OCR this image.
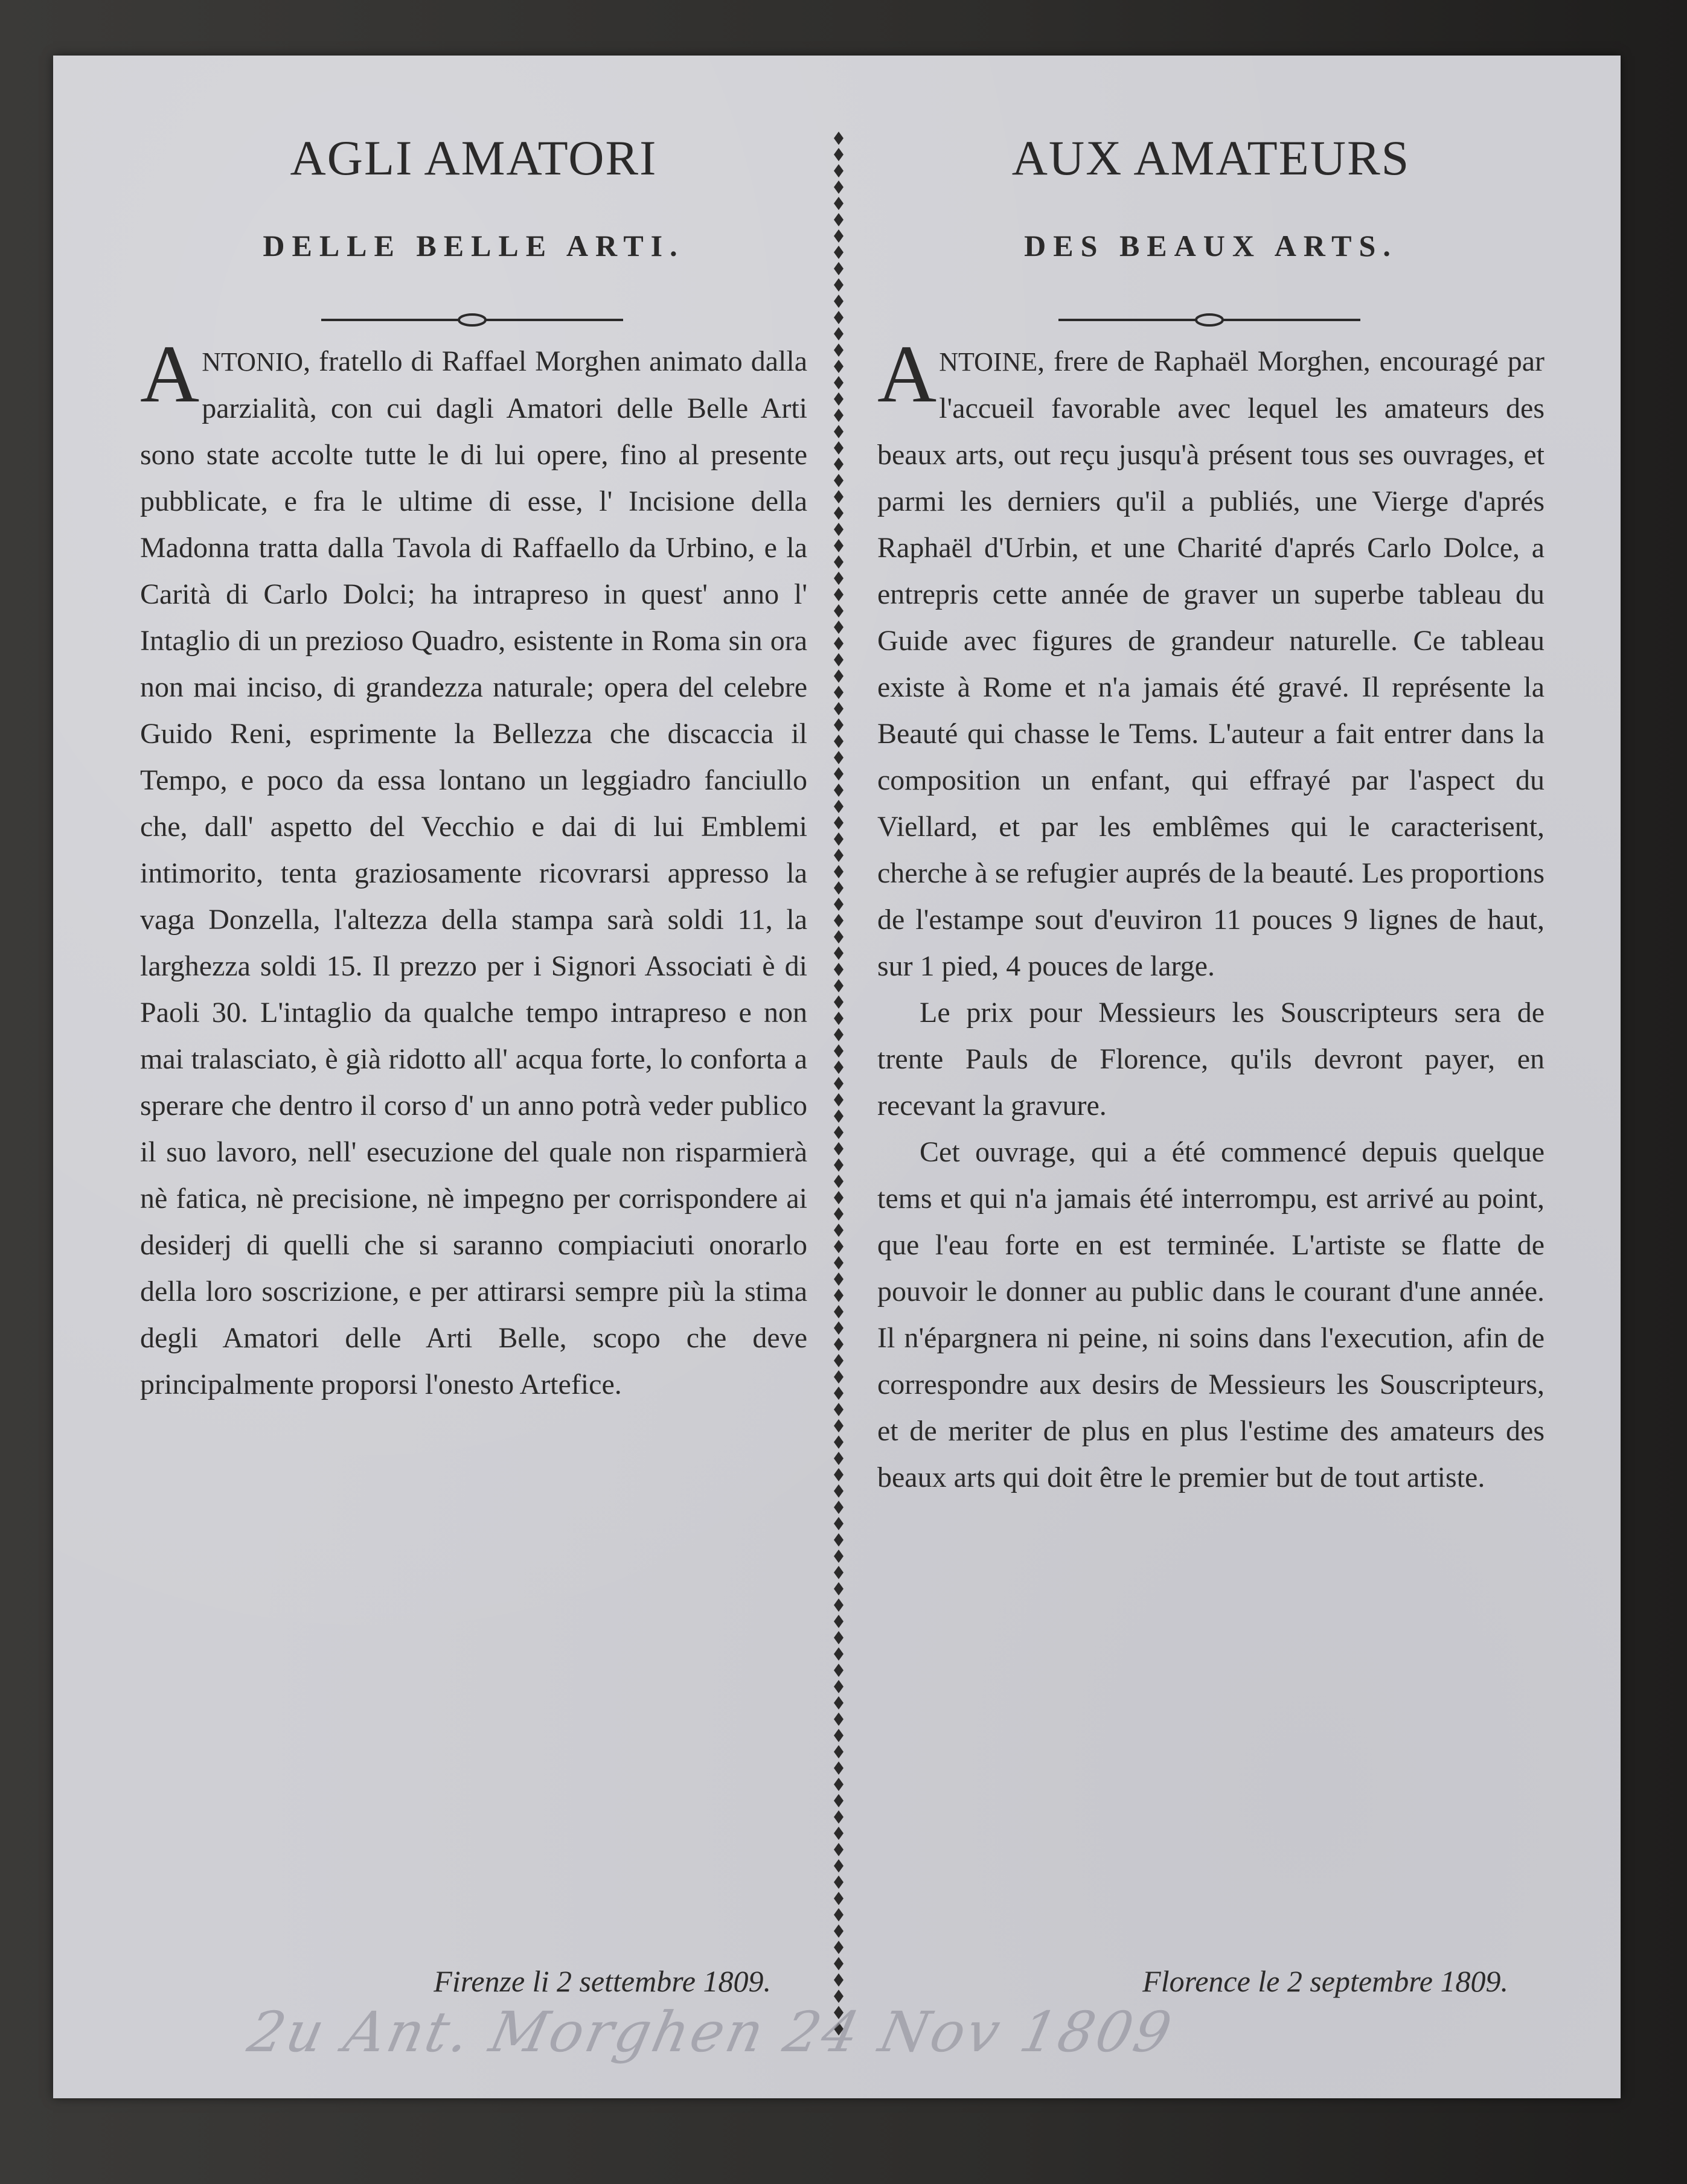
AGLI AMATORI
DELLE BELLE ARTI.

ANTONIO, fratello di Raffael Morghen animato dalla parzialità, con cui dagli Amatori delle Belle Arti sono state accolte tutte le di lui opere, fino al presente pubblicate, e fra le ultime di esse, l' Incisione della Madonna tratta dalla Tavola di Raffaello da Urbino, e la Carità di Carlo Dolci; ha intrapreso in quest' anno l' Intaglio di un prezioso Quadro, esistente in Roma sin ora non mai inciso, di grandezza naturale; opera del celebre Guido Reni, esprimente la Bellezza che discaccia il Tempo, e poco da essa lontano un leggiadro fanciullo che, dall' aspetto del Vecchio e dai di lui Emblemi intimorito, tenta graziosamente ricovrarsi appresso la vaga Donzella, l'altezza della stampa sarà soldi 11, la larghezza soldi 15. Il prezzo per i Signori Associati è di Paoli 30. L'intaglio da qualche tempo intrapreso e non mai tralasciato, è già ridotto all' acqua forte, lo conforta a sperare che dentro il corso d' un anno potrà veder publico il suo lavoro, nell' esecuzione del quale non risparmierà nè fatica, nè precisione, nè impegno per corrispondere ai desiderj di quelli che si saranno compiaciuti onorarlo della loro soscrizione, e per attirarsi sempre più la stima degli Amatori delle Arti Belle, scopo che deve principalmente proporsi l'onesto Artefice.

Firenze li 2 settembre 1809.
AUX AMATEURS
DES BEAUX ARTS.

ANTOINE, frere de Raphaël Morghen, encouragé par l'accueil favorable avec lequel les amateurs des beaux arts, out reçu jusqu'à présent tous ses ouvrages, et parmi les derniers qu'il a publiés, une Vierge d'aprés Raphaël d'Urbin, et une Charité d'aprés Carlo Dolce, a entrepris cette année de graver un superbe tableau du Guide avec figures de grandeur naturelle. Ce tableau existe à Rome et n'a jamais été gravé. Il représente la Beauté qui chasse le Tems. L'auteur a fait entrer dans la composition un enfant, qui effrayé par l'aspect du Viellard, et par les emblêmes qui le caracterisent, cherche à se refugier auprés de la beauté. Les proportions de l'estampe sout d'euviron 11 pouces 9 lignes de haut, sur 1 pied, 4 pouces de large.

Le prix pour Messieurs les Souscripteurs sera de trente Pauls de Florence, qu'ils devront payer, en recevant la gravure.

Cet ouvrage, qui a été commencé depuis quelque tems et qui n'a jamais été interrompu, est arrivé au point, que l'eau forte en est terminée. L'artiste se flatte de pouvoir le donner au public dans le courant d'une année. Il n'épargnera ni peine, ni soins dans l'execution, afin de correspondre aux desirs de Messieurs les Souscripteurs, et de meriter de plus en plus l'estime des amateurs des beaux arts qui doit être le premier but de tout artiste.

Florence le 2 septembre 1809.
2u Ant. Morghen 24 Nov 1809
